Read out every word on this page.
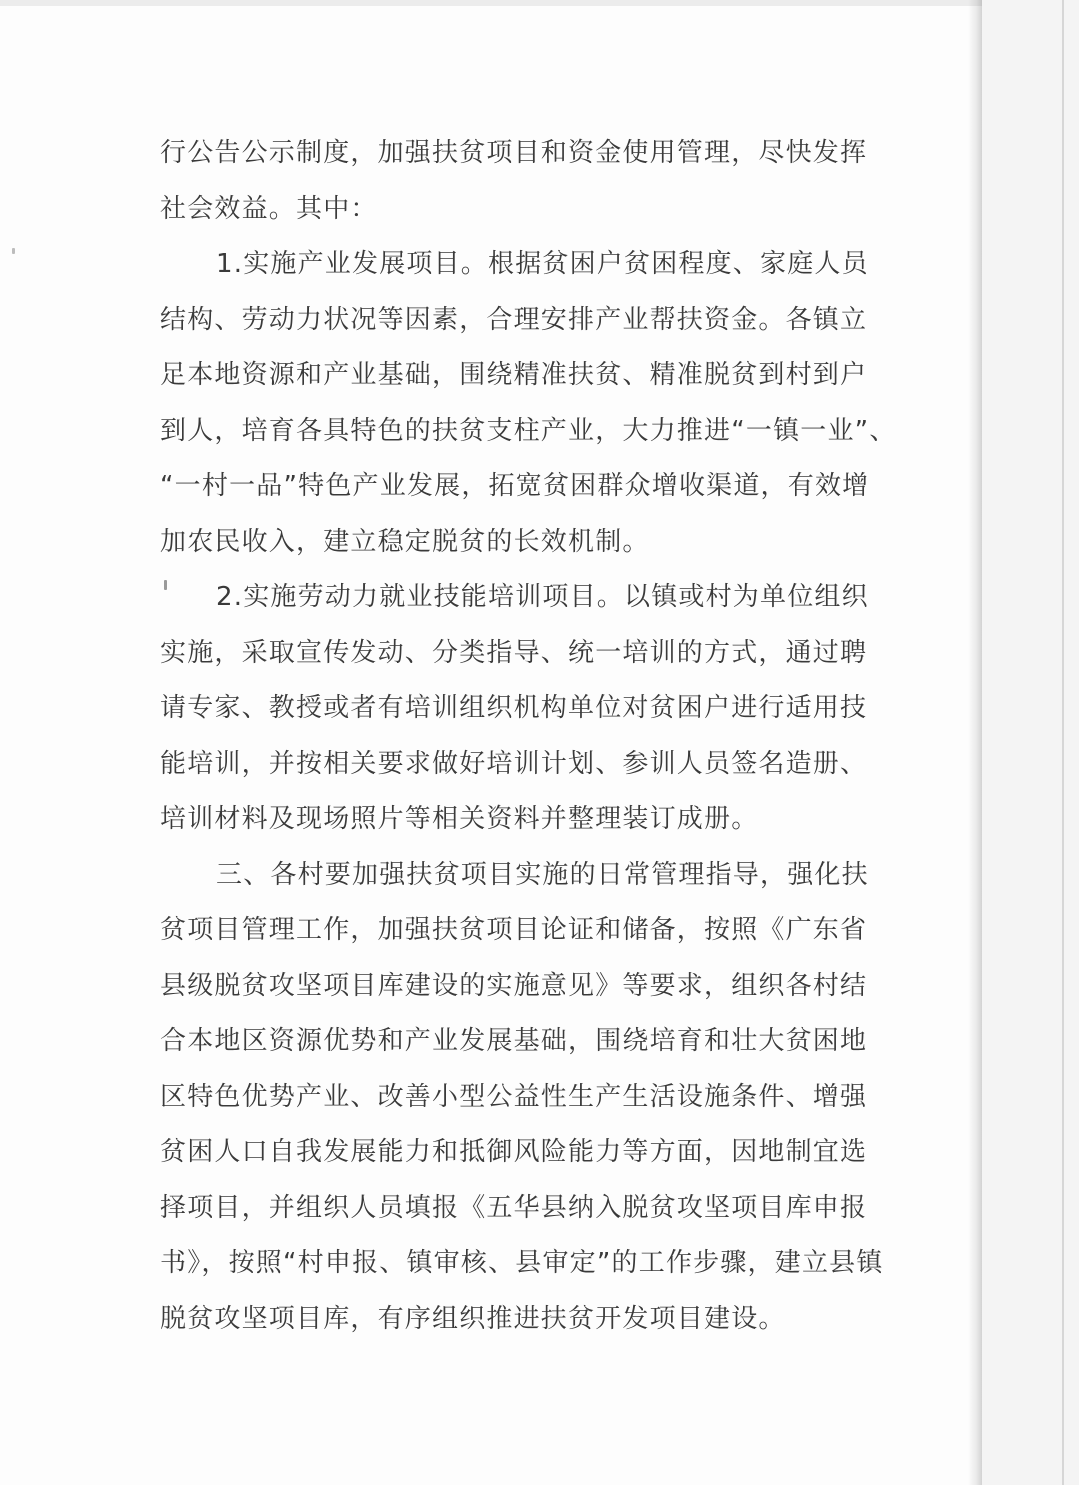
行公告公示制度，加强扶贫项目和资金使用管理，尽快发挥
社会效益。其中：
1.实施产业发展项目。根据贫困户贫困程度、家庭人员
结构、劳动力状况等因素，合理安排产业帮扶资金。各镇立
足本地资源和产业基础，围绕精准扶贫、精准脱贫到村到户
到人，培育各具特色的扶贫支柱产业，大力推进“一镇一业”、
“一村一品”特色产业发展，拓宽贫困群众增收渠道，有效增
加农民收入，建立稳定脱贫的长效机制。
2.实施劳动力就业技能培训项目。以镇或村为单位组织
实施，采取宣传发动、分类指导、统一培训的方式，通过聘
请专家、教授或者有培训组织机构单位对贫困户进行适用技
能培训，并按相关要求做好培训计划、参训人员签名造册、
培训材料及现场照片等相关资料并整理装订成册。
三、各村要加强扶贫项目实施的日常管理指导，强化扶
贫项目管理工作，加强扶贫项目论证和储备，按照《广东省
县级脱贫攻坚项目库建设的实施意见》等要求，组织各村结
合本地区资源优势和产业发展基础，围绕培育和壮大贫困地
区特色优势产业、改善小型公益性生产生活设施条件、增强
贫困人口自我发展能力和抵御风险能力等方面，因地制宜选
择项目，并组织人员填报《五华县纳入脱贫攻坚项目库申报
书》，按照“村申报、镇审核、县审定”的工作步骤，建立县镇
脱贫攻坚项目库，有序组织推进扶贫开发项目建设。
